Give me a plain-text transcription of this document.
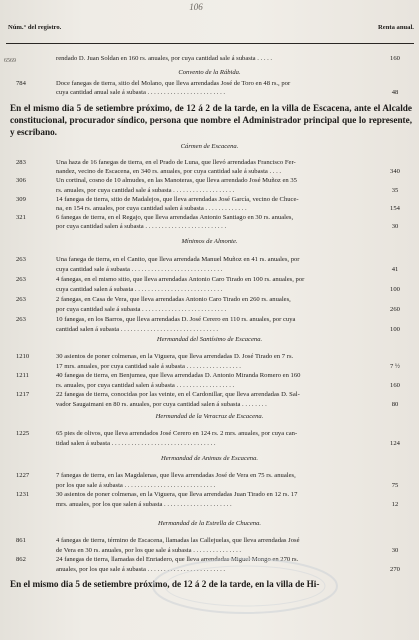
106
Núm.° del registro.	Renta anual.
6569	rendado D. Juan Soldan en 160 rs. anuales, por cuya cantidad sale á subasta . . . . .	160
Convento de la Rábida.
784	Doce fanegas de tierra, sitio del Molano, que lleva arrendadas José de Toro en 48 rs., por
cuya cantidad anual sale á subasta . . . . . . . . . . . . . . . . . . . . . . . .	48
En el mismo dia 5 de setiembre próximo, de 12 á 2 de la tarde, en la villa de Escacena, ante el Alcalde constitucional, procurador síndico, persona que nombre el Administrador principal que lo represente, y escribano.
Cármen de Escacena.
283	Una haza de 16 fanegas de tierra, en el Prado de Luna, que llevó arrendadas Francisco Fer-
nandez, vecino de Escacena, en 340 rs. anuales, por cuya cantidad sale á subasta . . . .	340
306	Un cortinal, cosno de 10 almudes, en las Manoteras, que lleva arrendado José Muñoz en 35
rs. anuales, por cuya cantidad sale á subasta . . . . . . . . . . . . . . . . . . .	35
309	14 fanegas de tierra, sitio de Madalejos, que lleva arrendadas José García, vecino de Chuce-
na, en 154 rs. anuales, por cuya cantidad salen á subasta . . . . . . . . . . . . .	154
321	6 fanegas de tierra, en el Regajo, que lleva arrendadas Antonio Santiago en 30 rs. anuales,
por cuya cantidad salen á subasta . . . . . . . . . . . . . . . . . . . . . . . . .	30
Mínimos de Almonte.
263	Una fanega de tierra, en el Canito, que lleva arrendada Manuel Muñoz en 41 rs. anuales, por
cuya cantidad sale á subasta . . . . . . . . . . . . . . . . . . . . . . . . . . . .	41
263	4 fanegas, en el mismo sitio, que lleva arrendadas Antonio Caro Tirado en 100 rs. anuales, por
cuya cantidad salen á subasta . . . . . . . . . . . . . . . . . . . . . . . . . . .	100
263	2 fanegas, en Casa de Vera, que lleva arrendadas Antonio Caro Tirado en 260 rs. anuales,
por cuya cantidad sale á subasta . . . . . . . . . . . . . . . . . . . . . . . . . .	260
263	10 fanegas, en los Barros, que lleva arrendadas D. José Cerero en 110 rs. anuales, por cuya
cantidad salen á subasta . . . . . . . . . . . . . . . . . . . . . . . . . . . . . .	100
Hermandad del Santísimo de Escacena.
1210	30 asientos de poner colmenas, en la Viguera, que lleva arrendadas D. José Tirado en 7 rs.
17 mrs. anuales, por cuya cantidad sale á subasta . . . . . . . . . . . . . . . . .	7 ½
1211	40 fanegas de tierra, en Benjumea, que lleva arrendadas D. Antonio Miranda Romero en 160
rs. anuales, por cuya cantidad salen á subasta . . . . . . . . . . . . . . . . . .	160
1217	22 fanegas de tierra, conocidas por las veinte, en el Cardonillar, que lleva arrendadas D. Sal-
vador Saugaimani en 80 rs. anuales, por cuya cantidad salen á subasta . . . . . . . .	80
Hermandad de la Veracruz de Escacena.
1225	65 pies de olivos, que lleva arrendados José Cerero en 124 rs. 2 mrs. anuales, por cuya can-
tidad salen á subasta . . . . . . . . . . . . . . . . . . . . . . . . . . . . . . . .	124
Hermandad de Animas de Escacena.
1227	7 fanegas de tierra, en las Magdalenas, que lleva arrendadas José de Vera en 75 rs. anuales,
por los que sale á subasta . . . . . . . . . . . . . . . . . . . . . . . . . . . .	75
1231	30 asientos de poner colmenas, en la Viguera, que lleva arrendadas Juan Tirado en 12 rs. 17
mrs. anuales, por los que salen á subasta . . . . . . . . . . . . . . . . . . . . .	12
Hermandad de la Estrella de Chucena.
861	4 fanegas de tierra, término de Escacena, llamadas las Callejuelas, que lleva arrendadas José
de Vera en 30 rs. anuales, por los que sale á subasta . . . . . . . . . . . . . . .	30
862	24 fanegas de tierra, llamadas del Enriadero, que lleva arrendadas Miguel Mongo en 270 rs.
anuales, por los que sale á subasta . . . . . . . . . . . . . . . . . . . . . . . .	270
En el mismo dia 5 de setiembre próximo, de 12 á 2 de la tarde, en la villa de Hi-
